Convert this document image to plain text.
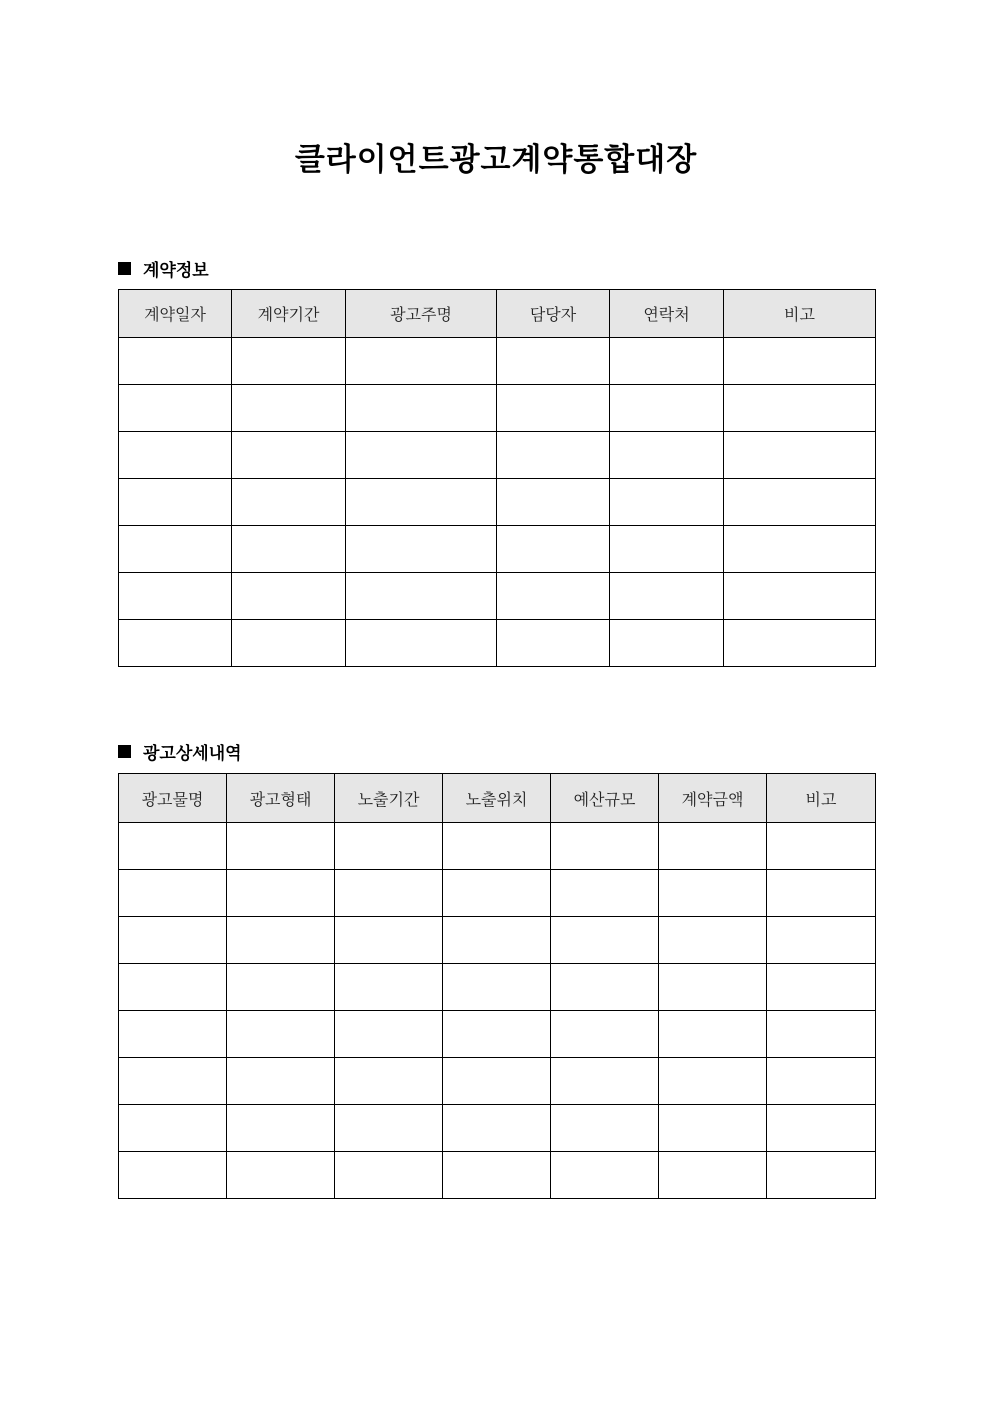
클라이언트광고계약통합대장
계약정보
계약일자	계약기간	광고주명	담당자	연락처	비고

광고상세내역
광고물명	광고형태	노출기간	노출위치	예산규모	계약금액	비고
